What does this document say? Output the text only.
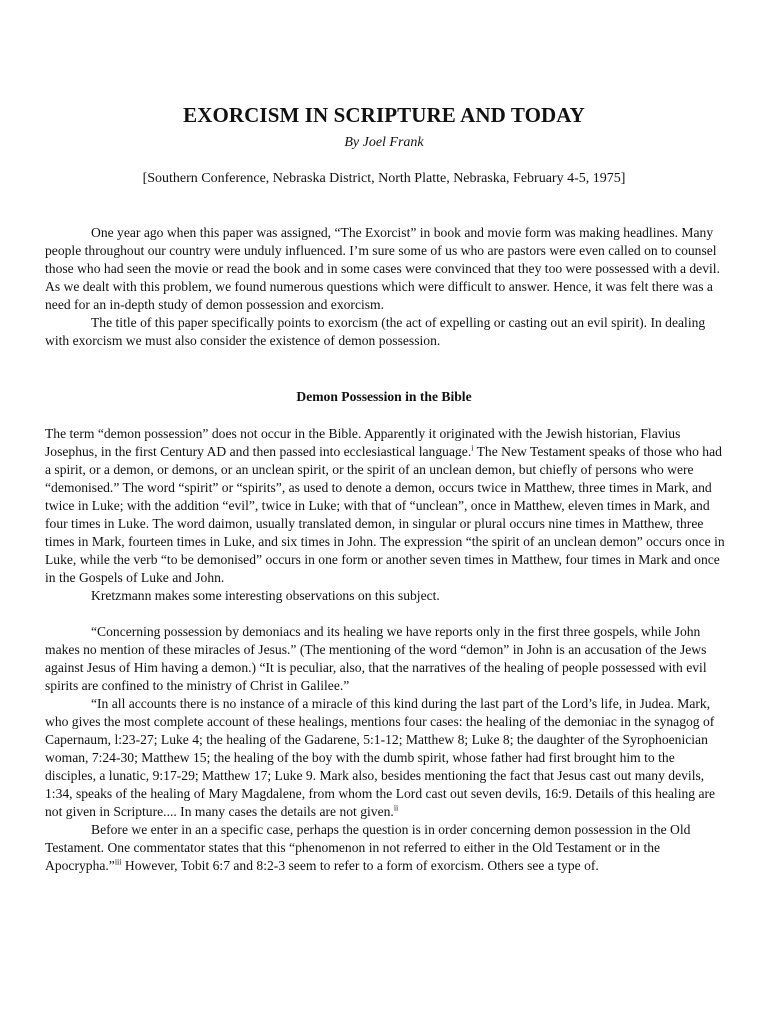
EXORCISM IN SCRIPTURE AND TODAY
By Joel Frank
[Southern Conference, Nebraska District, North Platte, Nebraska, February 4-5, 1975]

One year ago when this paper was assigned, “The Exorcist” in book and movie form was making headlines. Many people throughout our country were unduly influenced. I’m sure some of us who are pastors were even called on to counsel those who had seen the movie or read the book and in some cases were convinced that they too were possessed with a devil. As we dealt with this problem, we found numerous questions which were difficult to answer. Hence, it was felt there was a need for an in-depth study of demon possession and exorcism.

The title of this paper specifically points to exorcism (the act of expelling or casting out an evil spirit). In dealing with exorcism we must also consider the existence of demon possession.

Demon Possession in the Bible

The term “demon possession” does not occur in the Bible. Apparently it originated with the Jewish historian, Flavius Josephus, in the first Century AD and then passed into ecclesiastical language.$^i$ The New Testament speaks of those who had a spirit, or a demon, or demons, or an unclean spirit, or the spirit of an unclean demon, but chiefly of persons who were “demonised.” The word “spirit” or “spirits”, as used to denote a demon, occurs twice in Matthew, three times in Mark, and twice in Luke; with the addition “evil”, twice in Luke; with that of “unclean”, once in Matthew, eleven times in Mark, and four times in Luke. The word daimon, usually translated demon, in singular or plural occurs nine times in Matthew, three times in Mark, fourteen times in Luke, and six times in John. The expression “the spirit of an unclean demon” occurs once in Luke, while the verb “to be demonised” occurs in one form or another seven times in Matthew, four times in Mark and once in the Gospels of Luke and John.

Kretzmann makes some interesting observations on this subject.

“Concerning possession by demoniacs and its healing we have reports only in the first three gospels, while John makes no mention of these miracles of Jesus.” (The mentioning of the word “demon” in John is an accusation of the Jews against Jesus of Him having a demon.) “It is peculiar, also, that the narratives of the healing of people possessed with evil spirits are confined to the ministry of Christ in Galilee.”

“In all accounts there is no instance of a miracle of this kind during the last part of the Lord’s life, in Judea. Mark, who gives the most complete account of these healings, mentions four cases: the healing of the demoniac in the synagog of Capernaum, l:23-27; Luke 4; the healing of the Gadarene, 5:1-12; Matthew 8; Luke 8; the daughter of the Syrophoenician woman, 7:24-30; Matthew 15; the healing of the boy with the dumb spirit, whose father had first brought him to the disciples, a lunatic, 9:17-29; Matthew 17; Luke 9. Mark also, besides mentioning the fact that Jesus cast out many devils, 1:34, speaks of the healing of Mary Magdalene, from whom the Lord cast out seven devils, 16:9. Details of this healing are not given in Scripture.... In many cases the details are not given.$^{ii}$

Before we enter in an a specific case, perhaps the question is in order concerning demon possession in the Old Testament. One commentator states that this “phenomenon in not referred to either in the Old Testament or in the Apocrypha.”$^{iii}$ However, Tobit 6:7 and 8:2-3 seem to refer to a form of exorcism. Others see a type of.
